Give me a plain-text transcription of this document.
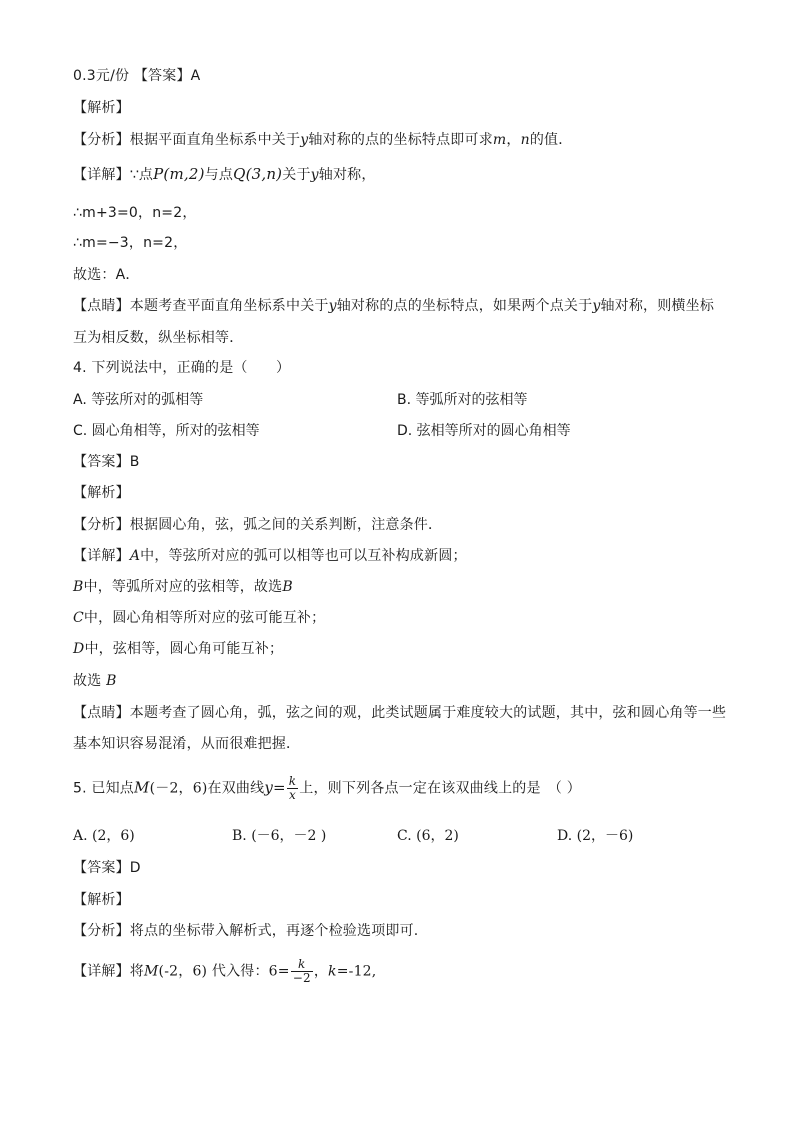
0.3元/份 【答案】A
【解析】
【分析】根据平面直角坐标系中关于y轴对称的点的坐标特点即可求m，n的值．
【详解】∵点P(m,2)与点Q(3,n)关于y轴对称，
∴m+3=0，n=2，
∴m=−3，n=2，
故选：A．
【点睛】本题考查平面直角坐标系中关于y轴对称的点的坐标特点，如果两个点关于y轴对称，则横坐标
互为相反数，纵坐标相等．
4. 下列说法中，正确的是（　　）
A. 等弦所对的弧相等	B. 等弧所对的弦相等
C. 圆心角相等，所对的弦相等	D. 弦相等所对的圆心角相等
【答案】B
【解析】
【分析】根据圆心角，弦，弧之间的关系判断，注意条件．
【详解】A中，等弦所对应的弧可以相等也可以互补构成新圆；
B中，等弧所对应的弦相等，故选B
C中，圆心角相等所对应的弦可能互补；
D中，弦相等，圆心角可能互补；
故选 B
【点睛】本题考查了圆心角，弧，弦之间的观，此类试题属于难度较大的试题，其中，弦和圆心角等一些
基本知识容易混淆，从而很难把握．
5. 已知点M(－2，6)在双曲线$y= \frac{k}{x}$ 上，则下列各点一定在该双曲线上的是　（ ）
A. (2，6)	B. (－6，－2 )	C. (6，2)	D. (2，－6)
【答案】D
【解析】
【分析】将点的坐标带入解析式，再逐个检验选项即可.
【详解】将M(-2，6) 代入得：$6= \frac{k}{-2}$ ，k=-12,
